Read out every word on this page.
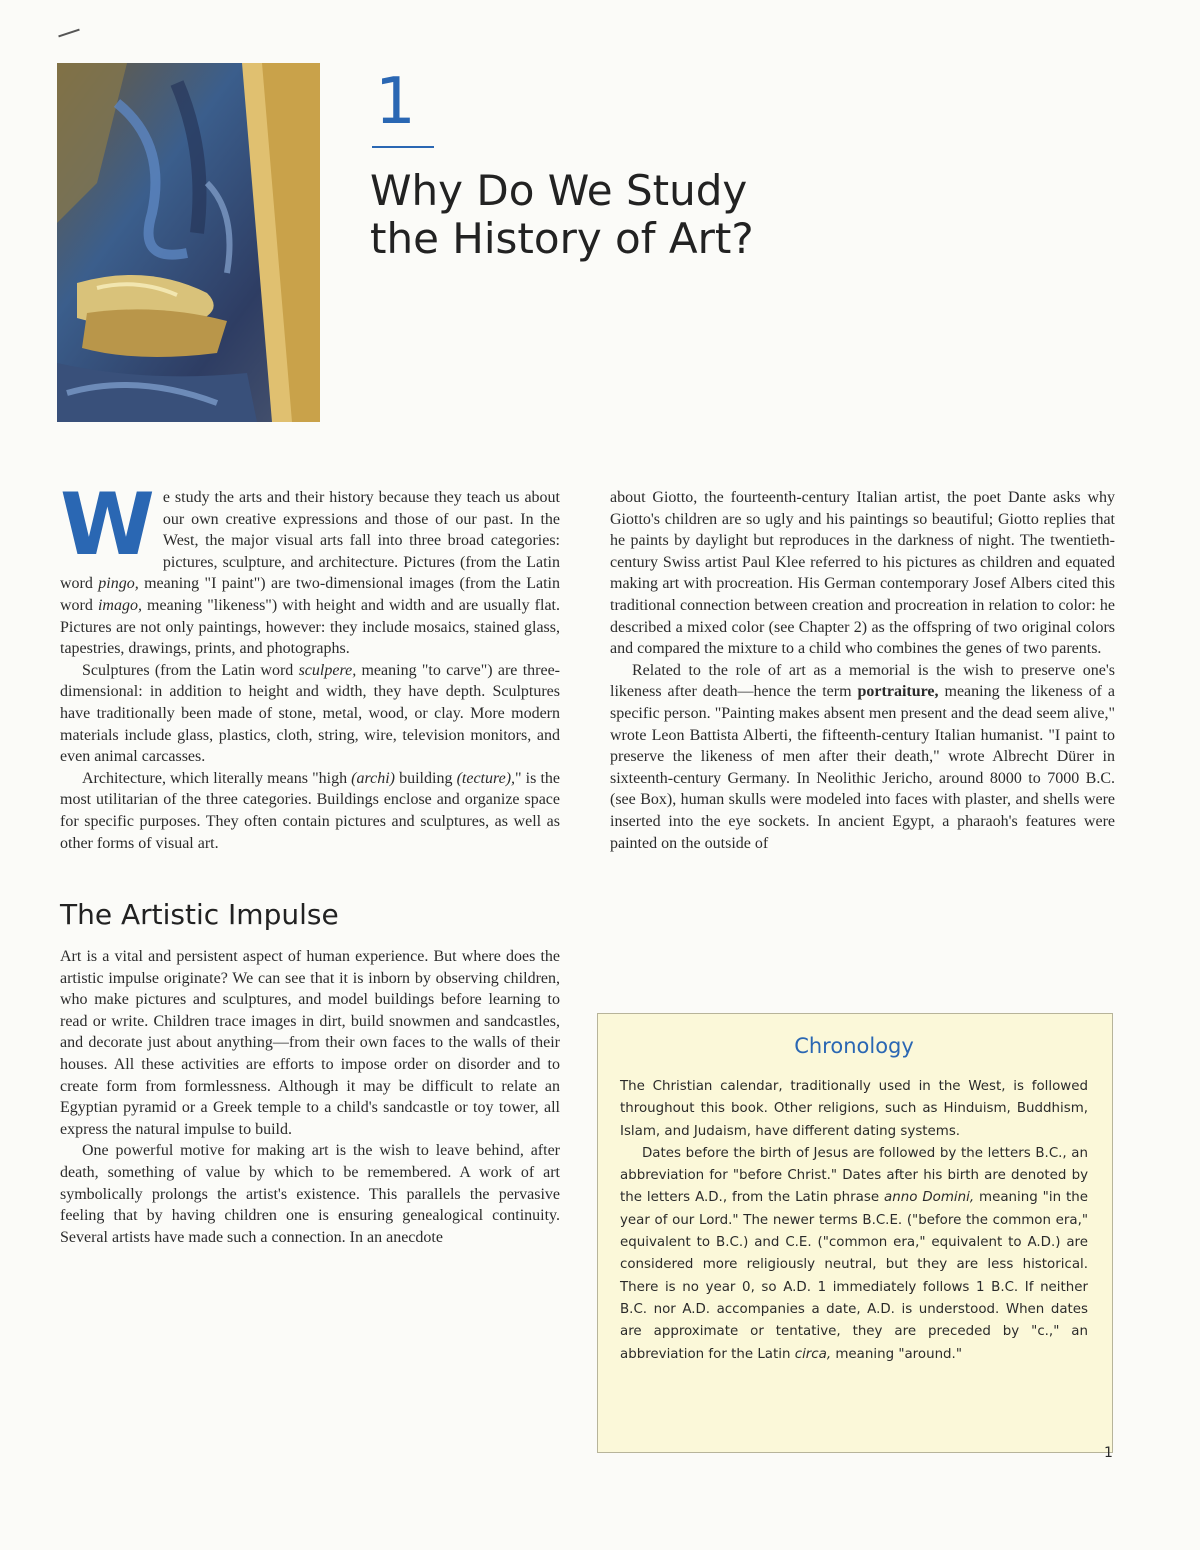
1
Why Do We Study
the History of Art?

W e study the arts and their history because they teach us about our own creative expressions and those of our past. In the West, the major visual arts fall into three broad categories: pictures, sculpture, and architecture. Pictures (from the Latin word pingo, meaning "I paint") are two-dimensional images (from the Latin word imago, meaning "likeness") with height and width and are usually flat. Pictures are not only paintings, however: they include mosaics, stained glass, tapestries, drawings, prints, and photographs.

Sculptures (from the Latin word sculpere, meaning "to carve") are three-dimensional: in addition to height and width, they have depth. Sculptures have traditionally been made of stone, metal, wood, or clay. More modern materials include glass, plastics, cloth, string, wire, television monitors, and even animal carcasses.

Architecture, which literally means "high (archi) building (tecture)," is the most utilitarian of the three categories. Buildings enclose and organize space for specific purposes. They often contain pictures and sculptures, as well as other forms of visual art.

The Artistic Impulse

Art is a vital and persistent aspect of human experience. But where does the artistic impulse originate? We can see that it is inborn by observing children, who make pictures and sculptures, and model buildings before learning to read or write. Children trace images in dirt, build snowmen and sandcastles, and decorate just about anything—from their own faces to the walls of their houses. All these activities are efforts to impose order on disorder and to create form from formlessness. Although it may be difficult to relate an Egyptian pyramid or a Greek temple to a child's sandcastle or toy tower, all express the natural impulse to build.

One powerful motive for making art is the wish to leave behind, after death, something of value by which to be remembered. A work of art symbolically prolongs the artist's existence. This parallels the pervasive feeling that by having children one is ensuring genealogical continuity. Several artists have made such a connection. In an anecdote

about Giotto, the fourteenth-century Italian artist, the poet Dante asks why Giotto's children are so ugly and his paintings so beautiful; Giotto replies that he paints by daylight but reproduces in the darkness of night. The twentieth-century Swiss artist Paul Klee referred to his pictures as children and equated making art with procreation. His German contemporary Josef Albers cited this traditional connection between creation and procreation in relation to color: he described a mixed color (see Chapter 2) as the offspring of two original colors and compared the mixture to a child who combines the genes of two parents.

Related to the role of art as a memorial is the wish to preserve one's likeness after death—hence the term portraiture, meaning the likeness of a specific person. "Painting makes absent men present and the dead seem alive," wrote Leon Battista Alberti, the fifteenth-century Italian humanist. "I paint to preserve the likeness of men after their death," wrote Albrecht Dürer in sixteenth-century Germany. In Neolithic Jericho, around 8000 to 7000 B.C. (see Box), human skulls were modeled into faces with plaster, and shells were inserted into the eye sockets. In ancient Egypt, a pharaoh's features were painted on the outside of

Chronology

The Christian calendar, traditionally used in the West, is followed throughout this book. Other religions, such as Hinduism, Buddhism, Islam, and Judaism, have different dating systems.

Dates before the birth of Jesus are followed by the letters B.C., an abbreviation for "before Christ." Dates after his birth are denoted by the letters A.D., from the Latin phrase anno Domini, meaning "in the year of our Lord." The newer terms B.C.E. ("before the common era," equivalent to B.C.) and C.E. ("common era," equivalent to A.D.) are considered more religiously neutral, but they are less historical. There is no year 0, so A.D. 1 immediately follows 1 B.C. If neither B.C. nor A.D. accompanies a date, A.D. is understood. When dates are approximate or tentative, they are preceded by "c.," an abbreviation for the Latin circa, meaning "around."

1
